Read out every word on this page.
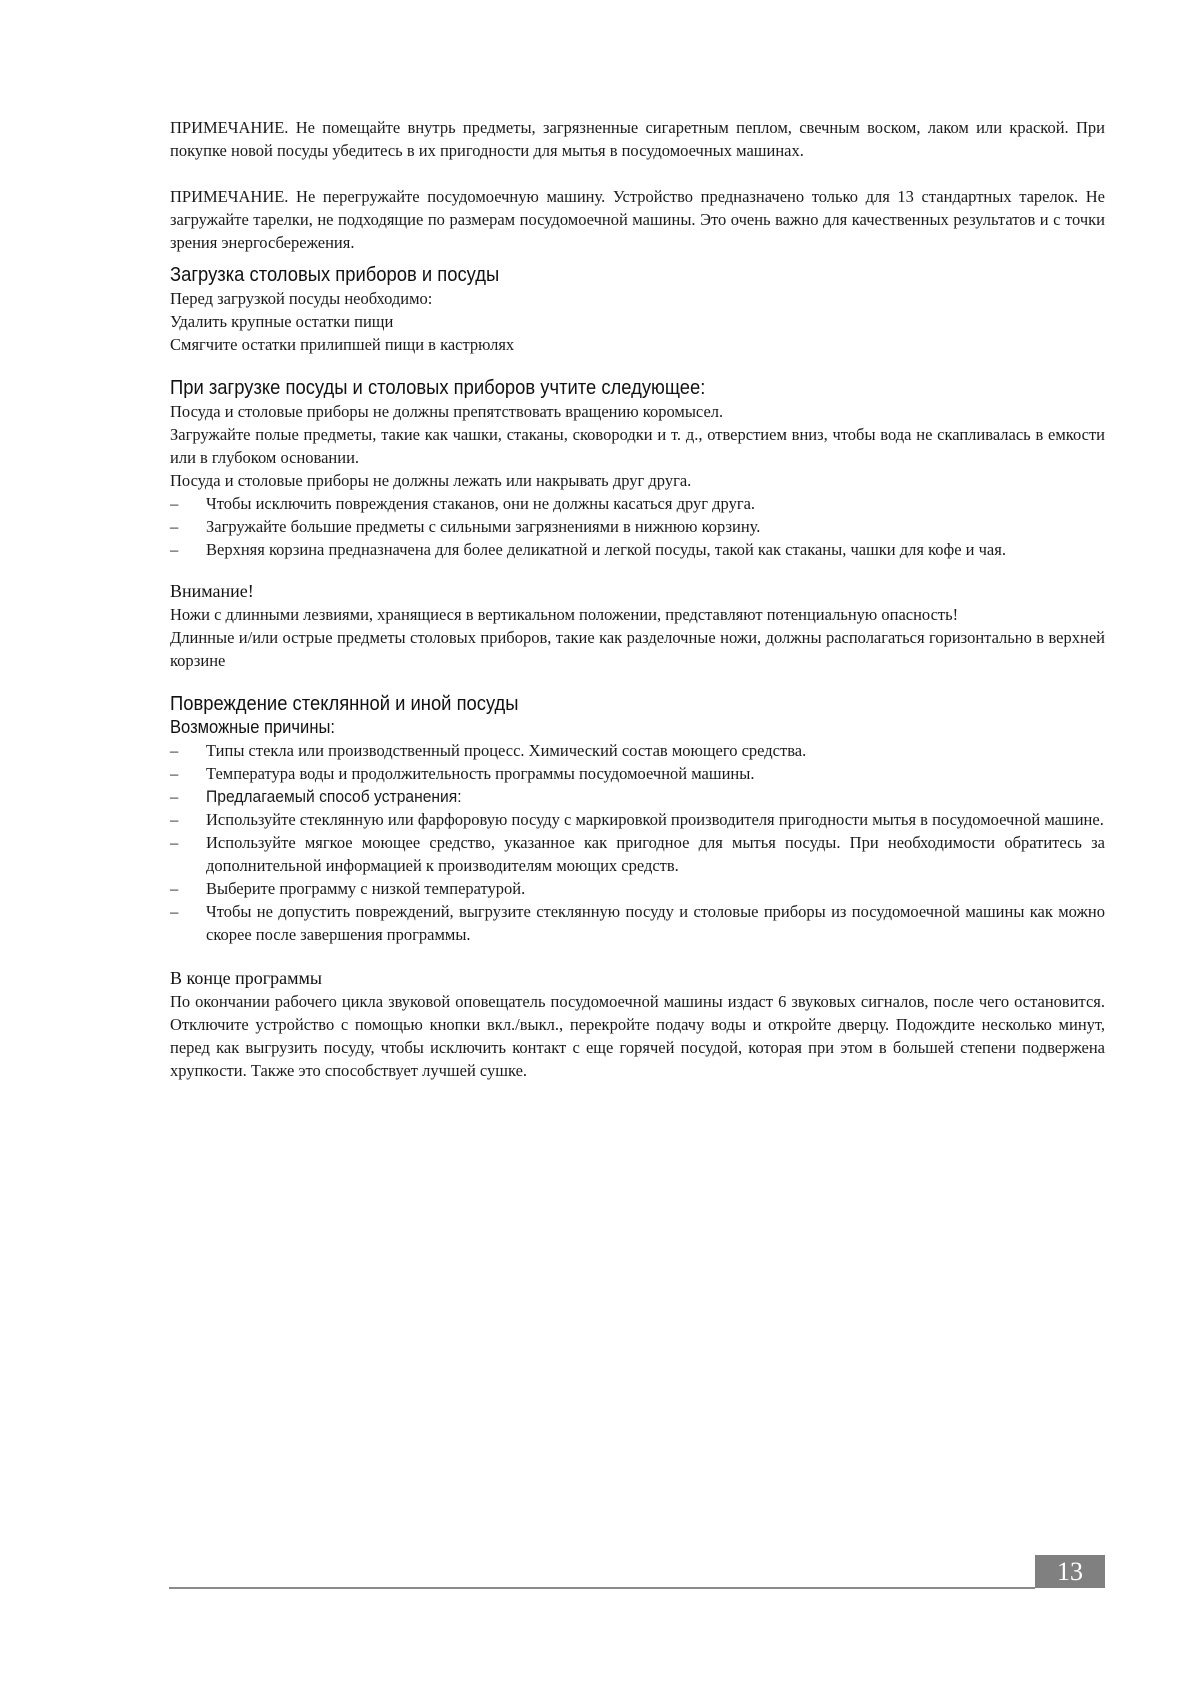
ПРИМЕЧАНИЕ. Не помещайте внутрь предметы, загрязненные сигаретным пеплом, свечным воском, лаком или краской. При покупке новой посуды убедитесь в их пригодности для мытья в посудомоечных машинах.

ПРИМЕЧАНИЕ. Не перегружайте посудомоечную машину. Устройство предназначено только для 13 стандартных тарелок. Не загружайте тарелки, не подходящие по размерам посудомоечной машины. Это очень важно для качественных результатов и с точки зрения энергосбережения.

Загрузка столовых приборов и посуды

Перед загрузкой посуды необходимо:

Удалить крупные остатки пищи

Смягчите остатки прилипшей пищи в кастрюлях

При загрузке посуды и столовых приборов учтите следующее:

Посуда и столовые приборы не должны препятствовать вращению коромысел.

Загружайте полые предметы, такие как чашки, стаканы, сковородки и т. д., отверстием вниз, чтобы вода не скапливалась в емкости или в глубоком основании.

Посуда и столовые приборы не должны лежать или накрывать друг друга.

– Чтобы исключить повреждения стаканов, они не должны касаться друг друга.
– Загружайте большие предметы с сильными загрязнениями в нижнюю корзину.
– Верхняя корзина предназначена для более деликатной и легкой посуды, такой как стаканы, чашки для кофе и чая.
Внимание!

Ножи с длинными лезвиями, хранящиеся в вертикальном положении, представляют потенциальную опасность!

Длинные и/или острые предметы столовых приборов, такие как разделочные ножи, должны располагаться горизонтально в верхней корзине

Повреждение стеклянной и иной посуды
Возможные причины:
– Типы стекла или производственный процесс. Химический состав моющего средства.
– Температура воды и продолжительность программы посудомоечной машины.
– Предлагаемый способ устранения:
– Используйте стеклянную или фарфоровую посуду с маркировкой производителя пригодности мытья в посудомоечной машине.
– Используйте мягкое моющее средство, указанное как пригодное для мытья посуды. При необходимости обратитесь за дополнительной информацией к производителям моющих средств.
– Выберите программу с низкой температурой.
– Чтобы не допустить повреждений, выгрузите стеклянную посуду и столовые приборы из посудомоечной машины как можно скорее после завершения программы.
В конце программы

По окончании рабочего цикла звуковой оповещатель посудомоечной машины издаст 6 звуковых сигналов, после чего остановится. Отключите устройство с помощью кнопки вкл./выкл., перекройте подачу воды и откройте дверцу. Подождите несколько минут, перед как выгрузить посуду, чтобы исключить контакт с еще горячей посудой, которая при этом в большей степени подвержена хрупкости. Также это способствует лучшей сушке.

13
